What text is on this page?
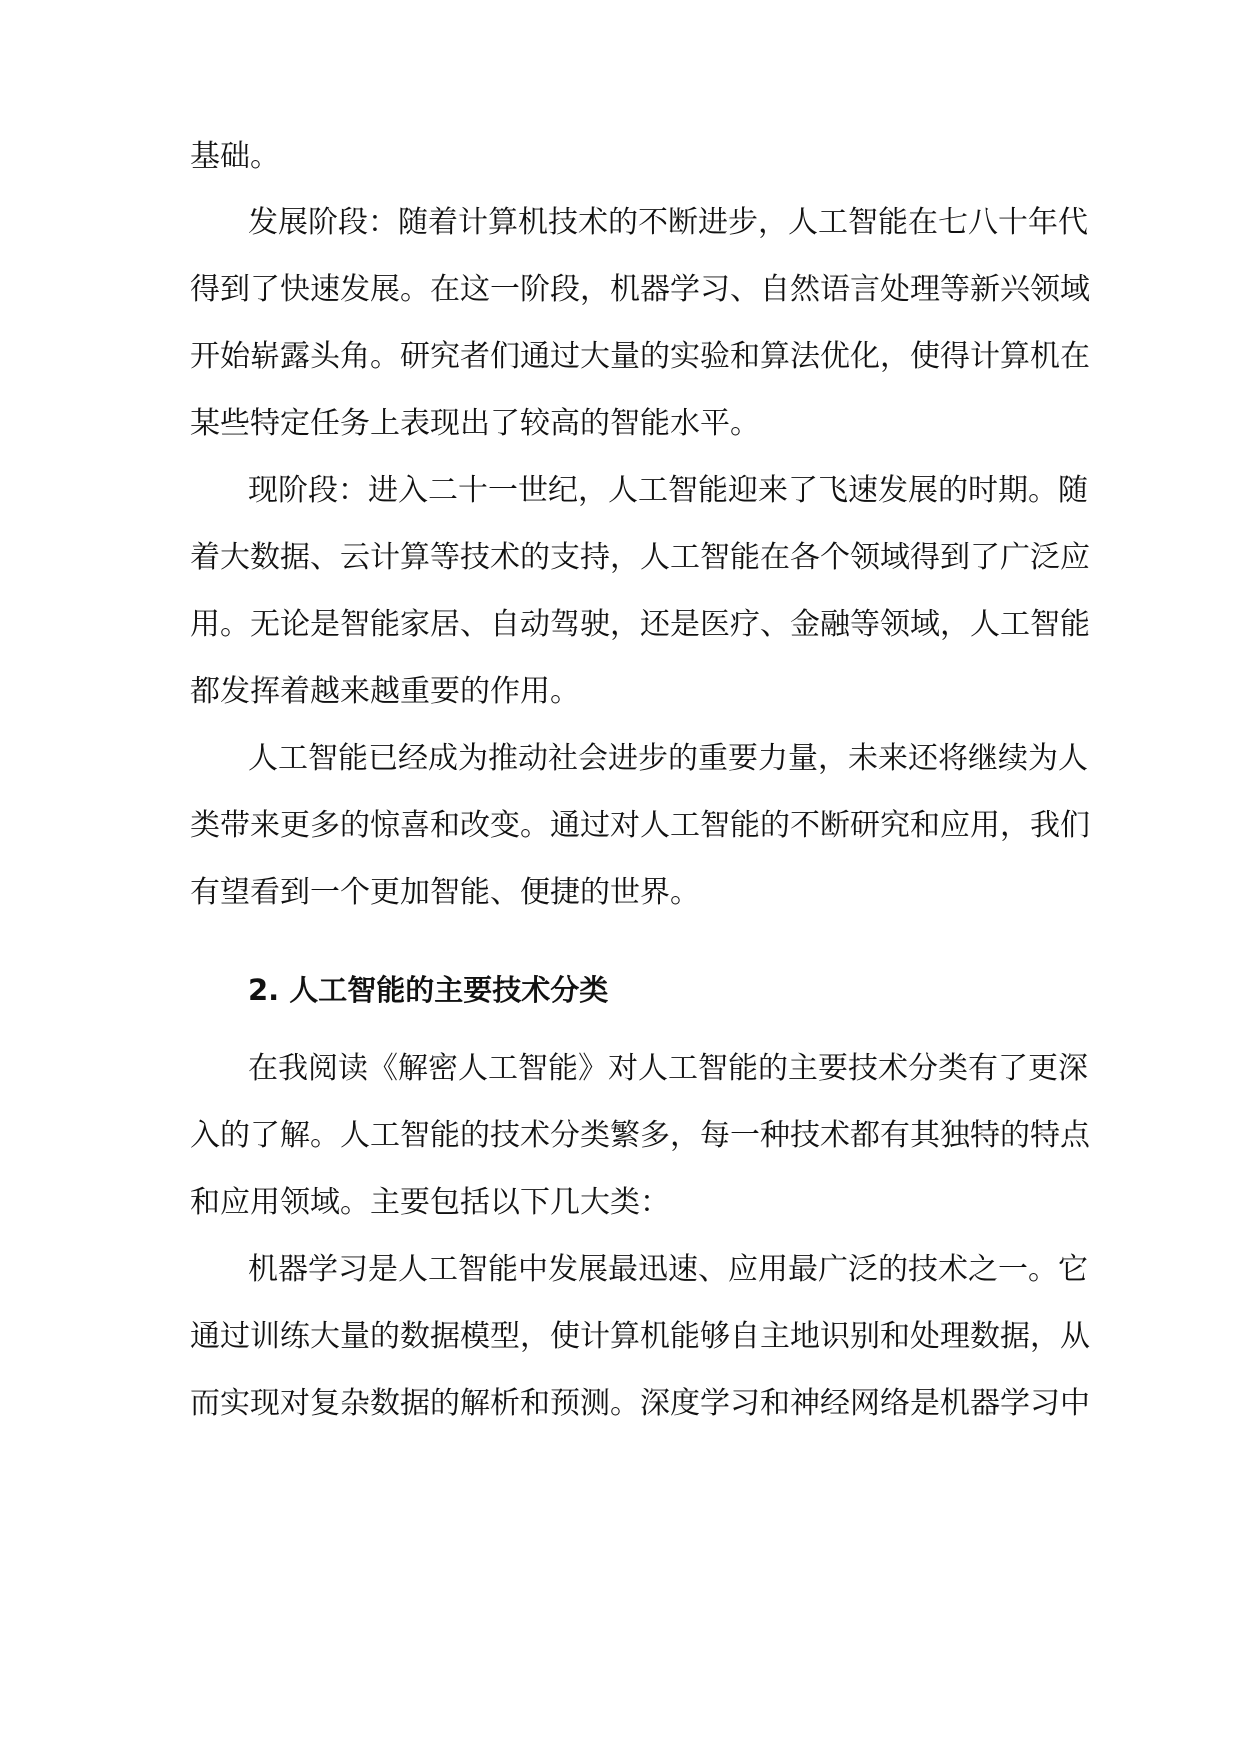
基础。
发展阶段：随着计算机技术的不断进步，人工智能在七八十年代
得到了快速发展。在这一阶段，机器学习、自然语言处理等新兴领域
开始崭露头角。研究者们通过大量的实验和算法优化，使得计算机在
某些特定任务上表现出了较高的智能水平。
现阶段：进入二十一世纪，人工智能迎来了飞速发展的时期。随
着大数据、云计算等技术的支持，人工智能在各个领域得到了广泛应
用。无论是智能家居、自动驾驶，还是医疗、金融等领域，人工智能
都发挥着越来越重要的作用。
人工智能已经成为推动社会进步的重要力量，未来还将继续为人
类带来更多的惊喜和改变。通过对人工智能的不断研究和应用，我们
有望看到一个更加智能、便捷的世界。
2. 人工智能的主要技术分类
在我阅读《解密人工智能》对人工智能的主要技术分类有了更深
入的了解。人工智能的技术分类繁多，每一种技术都有其独特的特点
和应用领域。主要包括以下几大类：
机器学习是人工智能中发展最迅速、应用最广泛的技术之一。它
通过训练大量的数据模型，使计算机能够自主地识别和处理数据，从
而实现对复杂数据的解析和预测。深度学习和神经网络是机器学习中
